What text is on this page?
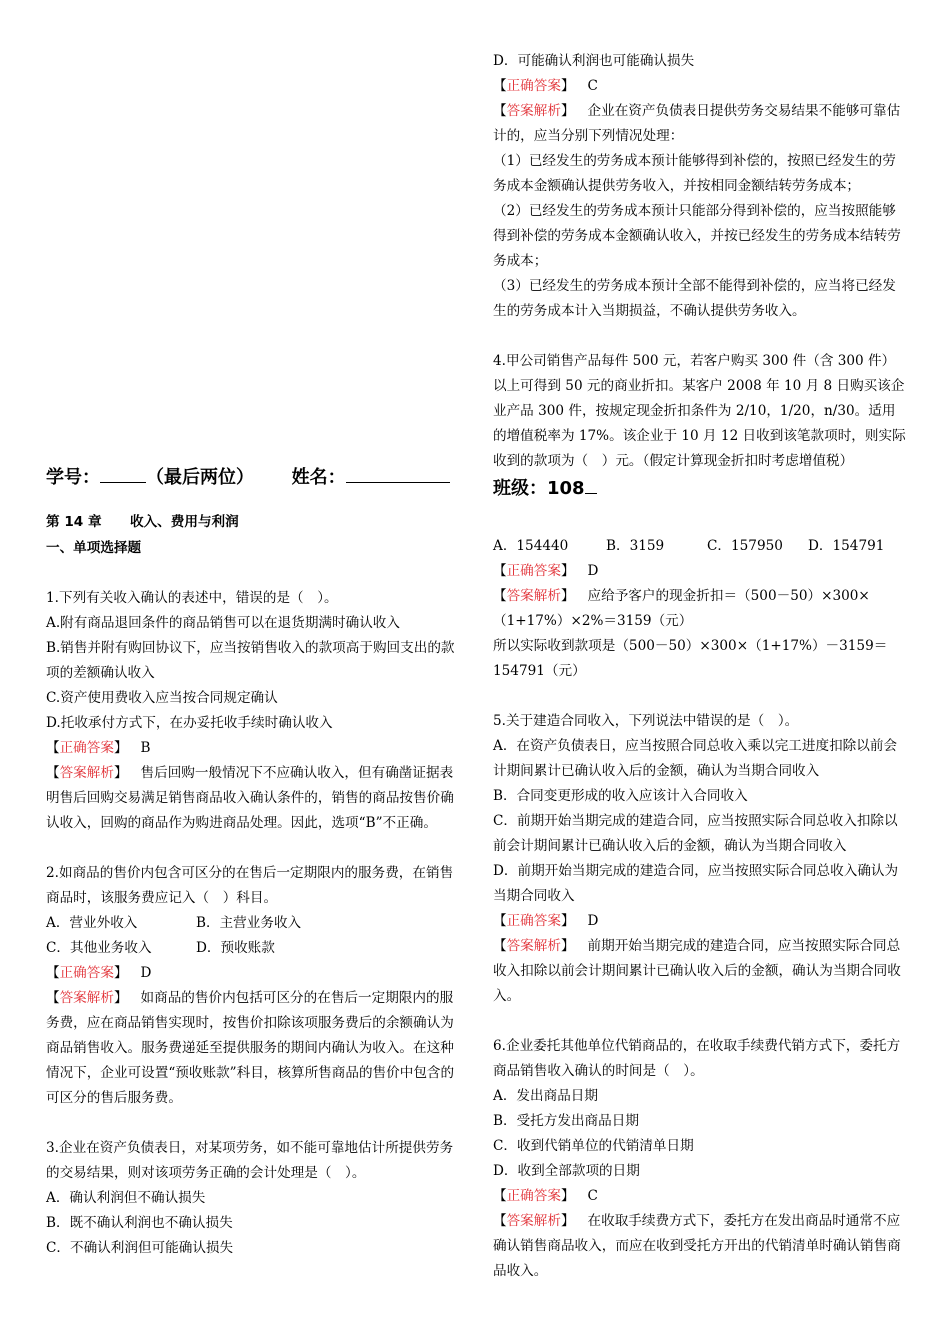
学号：	（最后两位） 姓名：
第 14 章 收入、费用与利润
一、单项选择题

1.下列有关收入确认的表述中，错误的是（　）。

A.附有商品退回条件的商品销售可以在退货期满时确认收入

B.销售并附有购回协议下，应当按销售收入的款项高于购回支出的款项的差额确认收入

C.资产使用费收入应当按合同规定确认

D.托收承付方式下，在办妥托收手续时确认收入

【正确答案】   B

【答案解析】   售后回购一般情况下不应确认收入，但有确凿证据表明售后回购交易满足销售商品收入确认条件的，销售的商品按售价确认收入，回购的商品作为购进商品处理。因此，选项“B”不正确。

2.如商品的售价内包含可区分的在售后一定期限内的服务费，在销售商品时，该服务费应记入（　）科目。

A．营业外收入	B．主营业务收入
C．其他业务收入	D．预收账款

【正确答案】   D

【答案解析】   如商品的售价内包括可区分的在售后一定期限内的服务费，应在商品销售实现时，按售价扣除该项服务费后的余额确认为商品销售收入。服务费递延至提供服务的期间内确认为收入。在这种情况下，企业可设置“预收账款”科目，核算所售商品的售价中包含的可区分的售后服务费。

3.企业在资产负债表日，对某项劳务，如不能可靠地估计所提供劳务的交易结果，则对该项劳务正确的会计处理是（　）。

A．确认利润但不确认损失

B．既不确认利润也不确认损失

C．不确认利润但可能确认损失

D．可能确认利润也可能确认损失

【正确答案】   C

【答案解析】   企业在资产负债表日提供劳务交易结果不能够可靠估计的，应当分别下列情况处理：

（1）已经发生的劳务成本预计能够得到补偿的，按照已经发生的劳务成本金额确认提供劳务收入，并按相同金额结转劳务成本；

（2）已经发生的劳务成本预计只能部分得到补偿的，应当按照能够得到补偿的劳务成本金额确认收入，并按已经发生的劳务成本结转劳务成本；

（3）已经发生的劳务成本预计全部不能得到补偿的，应当将已经发生的劳务成本计入当期损益，不确认提供劳务收入。

4.甲公司销售产品每件 500 元，若客户购买 300 件（含 300 件）以上可得到 50 元的商业折扣。某客户 2008 年 10 月 8 日购买该企业产品 300 件，按规定现金折扣条件为 2/10，1/20，n/30。适用的增值税率为 17%。该企业于 10 月 12 日收到该笔款项时，则实际收到的款项为（　）元。（假定计算现金折扣时考虑增值税）

班级：108
A．154440	B．3159	C．157950	D．154791

【正确答案】   D

【答案解析】   应给予客户的现金折扣＝（500－50）×300×（1+17%）×2%＝3159（元）

所以实际收到款项是（500－50）×300×（1+17%）－3159＝154791（元）

5.关于建造合同收入，下列说法中错误的是（　）。

A．在资产负债表日，应当按照合同总收入乘以完工进度扣除以前会计期间累计已确认收入后的金额，确认为当期合同收入

B．合同变更形成的收入应该计入合同收入

C．前期开始当期完成的建造合同，应当按照实际合同总收入扣除以前会计期间累计已确认收入后的金额，确认为当期合同收入

D．前期开始当期完成的建造合同，应当按照实际合同总收入确认为当期合同收入

【正确答案】   D

【答案解析】   前期开始当期完成的建造合同，应当按照实际合同总收入扣除以前会计期间累计已确认收入后的金额，确认为当期合同收入。

6.企业委托其他单位代销商品的，在收取手续费代销方式下，委托方商品销售收入确认的时间是（　）。

A．发出商品日期

B．受托方发出商品日期

C．收到代销单位的代销清单日期

D．收到全部款项的日期

【正确答案】   C

【答案解析】   在收取手续费方式下，委托方在发出商品时通常不应确认销售商品收入，而应在收到受托方开出的代销清单时确认销售商品收入。
